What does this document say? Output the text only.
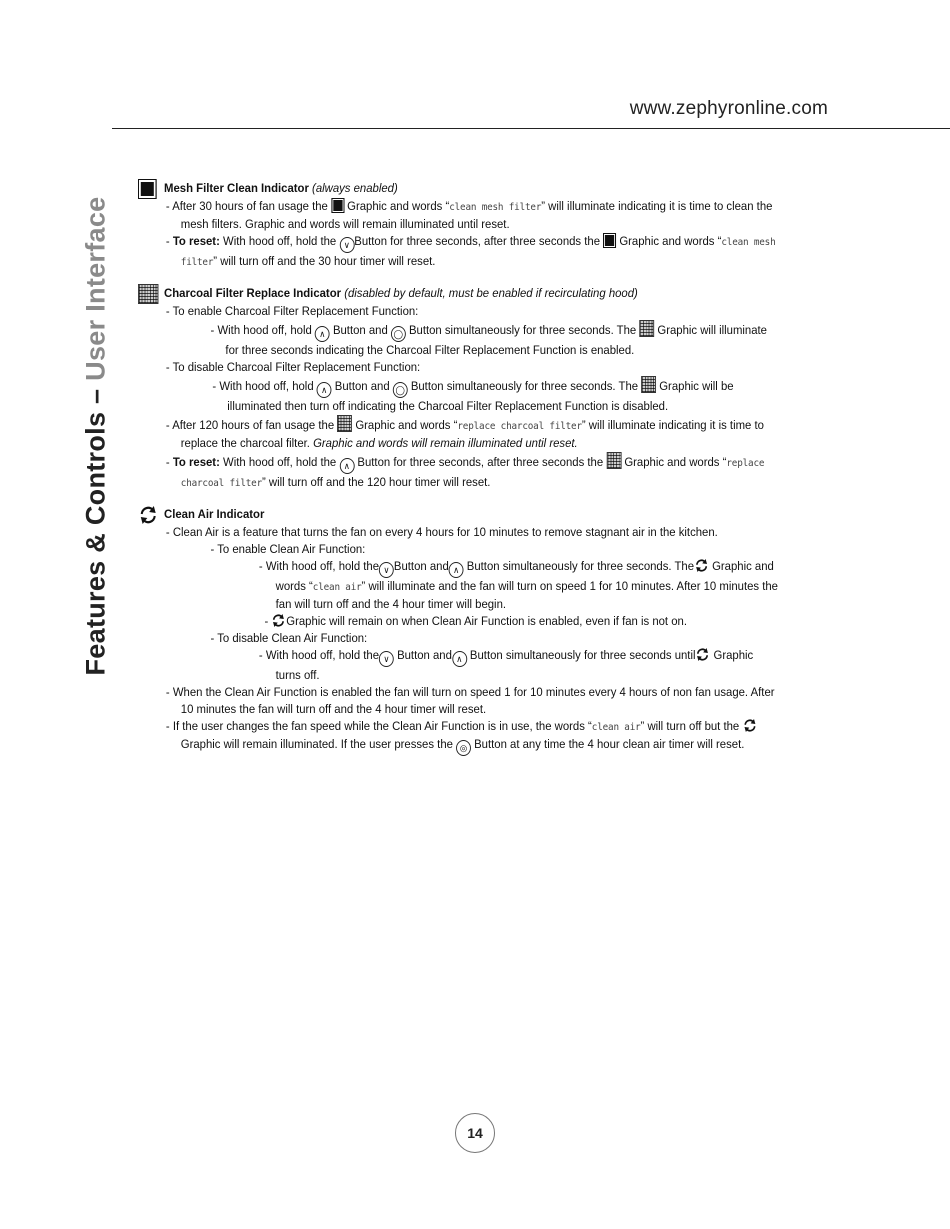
www.zephyronline.com
Features & Controls – User Interface
Mesh Filter Clean Indicator (always enabled)
- After 30 hours of fan usage the  Graphic and words “clean mesh filter” will illuminate indicating it is time to clean the mesh filters. Graphic and words will remain illuminated until reset.
- To reset: With hood off, hold the ∨ Button for three seconds, after three seconds the  Graphic and words “clean mesh filter” will turn off and the 30 hour timer will reset.
Charcoal Filter Replace Indicator (disabled by default, must be enabled if recirculating hood)
- To enable Charcoal Filter Replacement Function:
- With hood off, hold ∧ Button and ◯ Button simultaneously for three seconds. The  Graphic will illuminate for three seconds indicating the Charcoal Filter Replacement Function is enabled.
- To disable Charcoal Filter Replacement Function:
- With hood off, hold ∧ Button and ◯ Button simultaneously for three seconds. The  Graphic will be illuminated then turn off indicating the Charcoal Filter Replacement Function is disabled.
- After 120 hours of fan usage the  Graphic and words “replace charcoal filter” will illuminate indicating it is time to replace the charcoal filter. Graphic and words will remain illuminated until reset.
- To reset: With hood off, hold the ∧ Button for three seconds, after three seconds the  Graphic and words “replace charcoal filter” will turn off and the 120 hour timer will reset.
Clean Air Indicator
- Clean Air is a feature that turns the fan on every 4 hours for 10 minutes to remove stagnant air in the kitchen.
- To enable Clean Air Function:
- With hood off, hold the ∨ Button and ∧ Button simultaneously for three seconds. The Graphic and words “clean air” will illuminate and the fan will turn on speed 1 for 10 minutes. After 10 minutes the fan will turn off and the 4 hour timer will begin.
- Graphic will remain on when Clean Air Function is enabled, even if fan is not on.
- To disable Clean Air Function:
- With hood off, hold the ∨ Button and ∧ Button simultaneously for three seconds until Graphic turns off.
- When the Clean Air Function is enabled the fan will turn on speed 1 for 10 minutes every 4 hours of non fan usage. After 10 minutes the fan will turn off and the 4 hour timer will reset.
- If the user changes the fan speed while the Clean Air Function is in use, the words “clean air” will turn off but the Graphic will remain illuminated. If the user presses the ◎ Button at any time the 4 hour clean air timer will reset.
14
